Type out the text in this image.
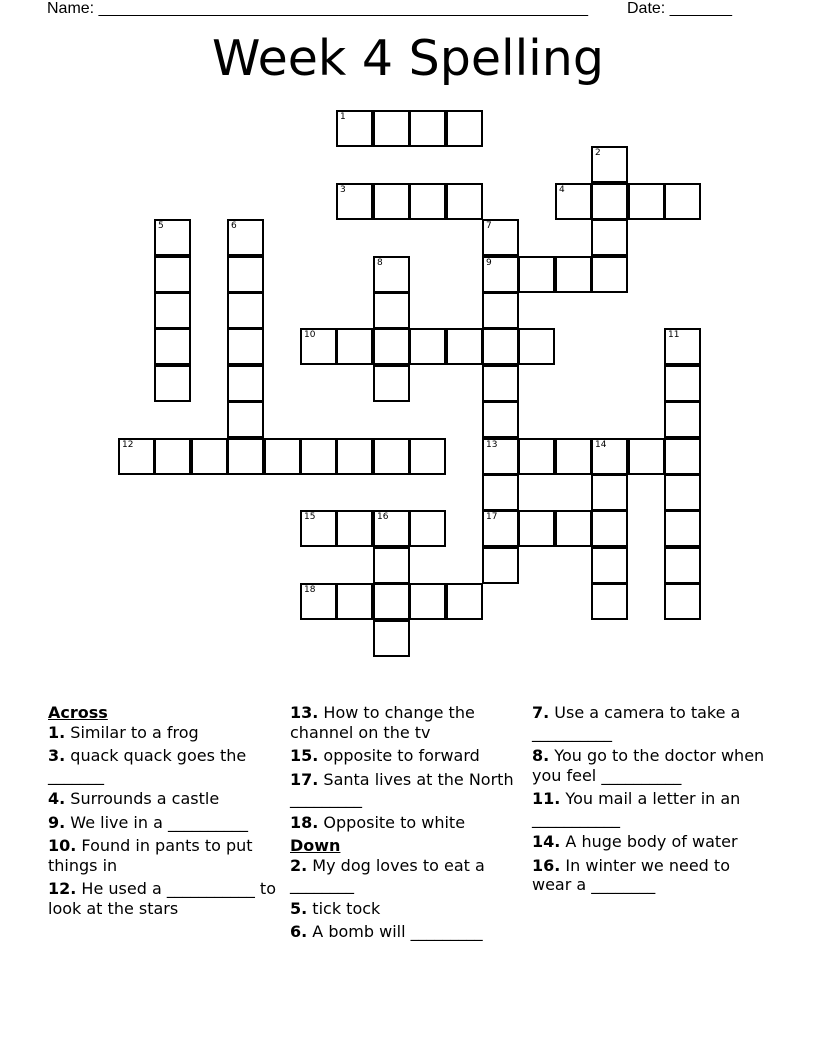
Name: _______________________________________________________ Date: _______
Week 4 Spelling
1
2
3	4
5	6	7
8	9
10	11
12	13	14
15	16	17
18
Across
1. Similar to a frog
3. quack quack goes the _______
4. Surrounds a castle
9. We live in a __________
10. Found in pants to put things in
12. He used a ___________ to look at the stars
13. How to change the channel on the tv
15. opposite to forward
17. Santa lives at the North _________
18. Opposite to white
Down
2. My dog loves to eat a ________
5. tick tock
6. A bomb will _________
7. Use a camera to take a __________
8. You go to the doctor when you feel __________
11. You mail a letter in an ___________
14. A huge body of water
16. In winter we need to wear a ________
